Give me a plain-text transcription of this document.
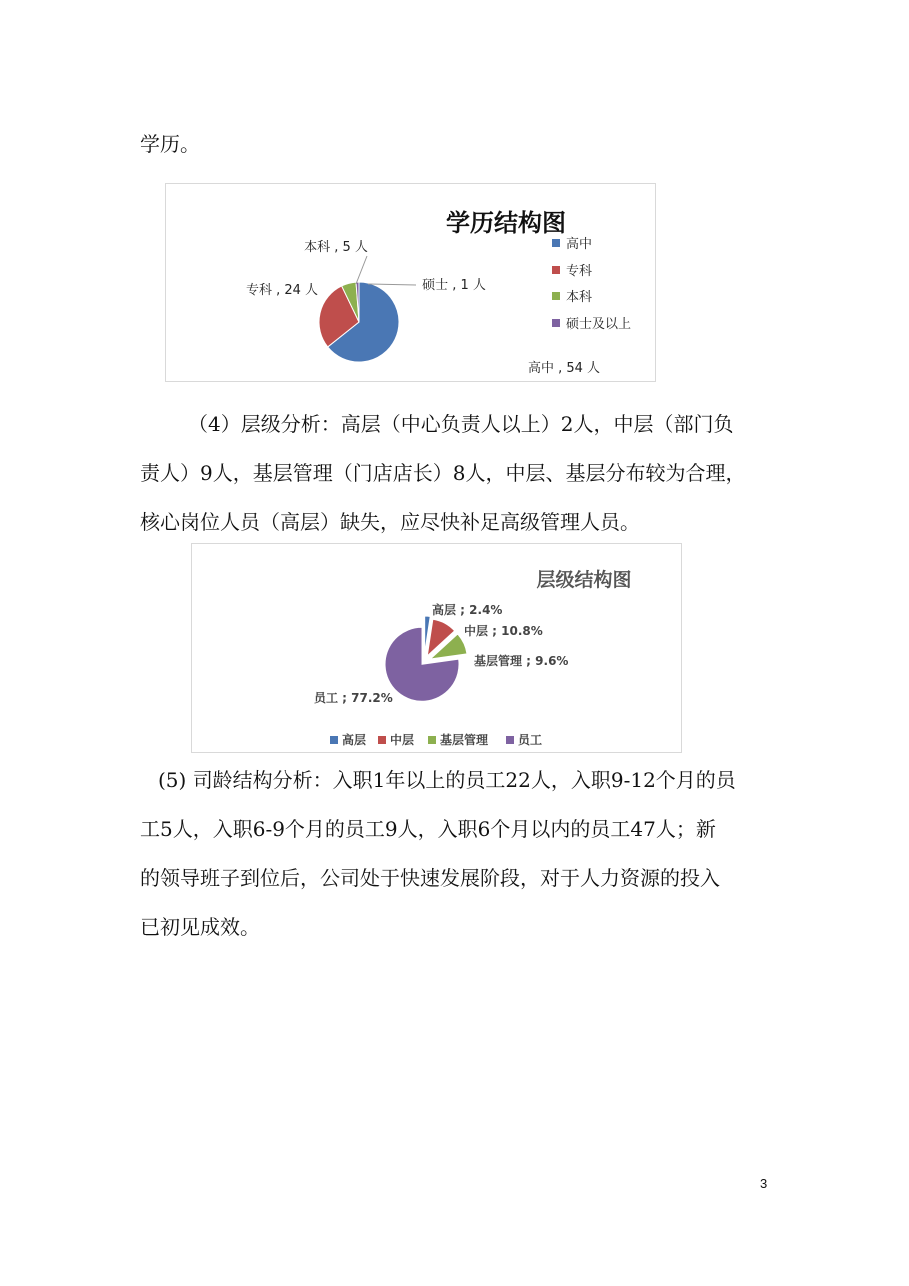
学历。

学历结构图
高中 , 54 人
专科 , 24 人
本科 , 5 人
硕士 , 1 人
高中
专科
本科
硕士及以上

（4）层级分析：高层（中心负责人以上）2人，中层（部门负
责人）9人，基层管理（门店店长）8人，中层、基层分布较为合理，
核心岗位人员（高层）缺失，应尽快补足高级管理人员。

层级结构图
高层 ; 2.4%
中层 ; 10.8%
基层管理 ; 9.6%
员工 ; 77.2%
高层 中层 基层管理 员工

(5) 司龄结构分析：入职1年以上的员工22人，入职9-12个月的员
工5人，入职6-9个月的员工9人，入职6个月以内的员工47人；新
的领导班子到位后，公司处于快速发展阶段，对于人力资源的投入
已初见成效。

3
